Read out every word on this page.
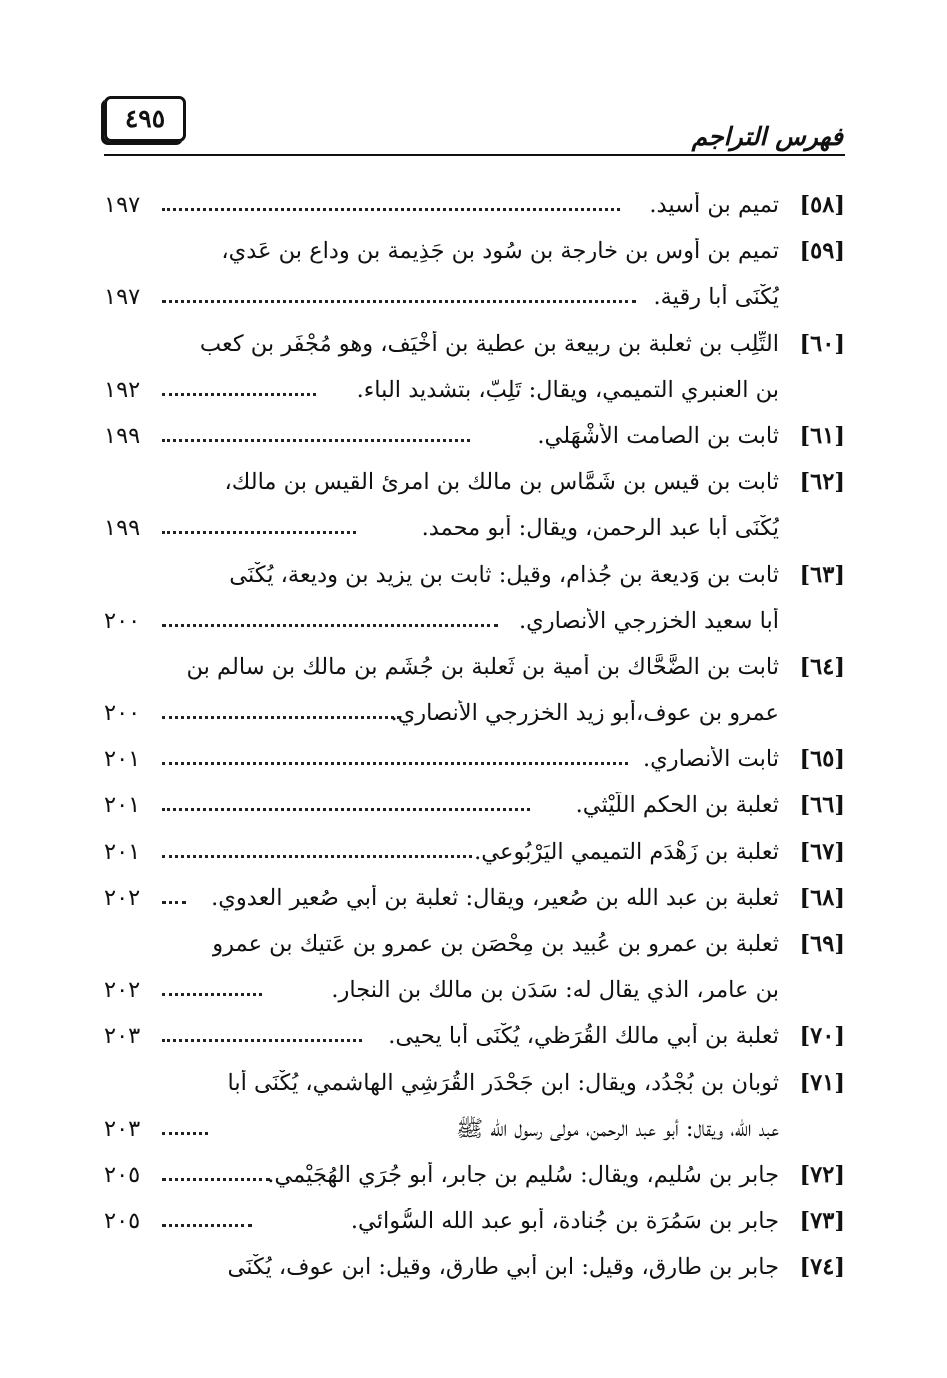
فهرس التراجم
٤٩٥
[٥٨]
تميم بن أَسيد.
١٩٧
[٥٩]
تميم بن أوس بن خارجة بن سُود بن جَذِيمة بن وداع بن عَدي،
يُكْنَى أبا رقية.
١٩٧
[٦٠]
التِّلِب بن ثعلبة بن ربيعة بن عطية بن أَخْيَف، وهو مُجْفَر بن كعب
بن العنبري التميمي، ويقال: تَلِبّ، بتشديد الباء.
١٩٢
[٦١]
ثابت بن الصامت الأَشْهَلي.
١٩٩
[٦٢]
ثابت بن قيس بن شَمَّاس بن مالك بن امرئ القيس بن مالك،
يُكْنَى أبا عبد الرحمن، ويقال: أبو محمد.
١٩٩
[٦٣]
ثابت بن وَديعة بن جُذام، وقيل: ثابت بن يزيد بن وديعة، يُكْنَى
أبا سعيد الخزرجي الأنصاري.
٢٠٠
[٦٤]
ثابت بن الضَّحَّاك بن أُمية بن ثَعلبة بن جُشَم بن مالك بن سالم بن
عمرو بن عوف،أبو زيد الخزرجي الأنصاري.
٢٠٠
[٦٥]
ثابت الأنصاري.
٢٠١
[٦٦]
ثعلبة بن الحكم اللَّيْثي.
٢٠١
[٦٧]
ثعلبة بن زَهْدَم التميمي اليَرْبُوعي.
٢٠١
[٦٨]
ثعلبة بن عبد الله بن صُعير، ويقال: ثعلبة بن أبي صُعير العدوي.
٢٠٢
[٦٩]
ثعلبة بن عمرو بن عُبيد بن مِحْصَن بن عمرو بن عَتيك بن عمرو
بن عامر، الذي يقال له: سَدَن بن مالك بن النجار.
٢٠٢
[٧٠]
ثعلبة بن أبي مالك القُرَظي، يُكْنَى أبا يحيى.
٢٠٣
[٧١]
ثوبان بن بُجْدُد، ويقال: ابن جَحْدَر القُرَشِي الهاشمي، يُكْنَى أبا
عبد الله، ويقال: أبو عبد الرحمن، مولى رسول الله ﷺ
٢٠٣
[٧٢]
جابر بن سُليم، ويقال: سُليم بن جابر، أبو جُرَي الهُجَيْمي.
٢٠٥
[٧٣]
جابر بن سَمُرَة بن جُنادة، أبو عبد الله السُّوائي.
٢٠٥
[٧٤]
جابر بن طارق، وقيل: ابن أبي طارق، وقيل: ابن عوف، يُكْنَى
